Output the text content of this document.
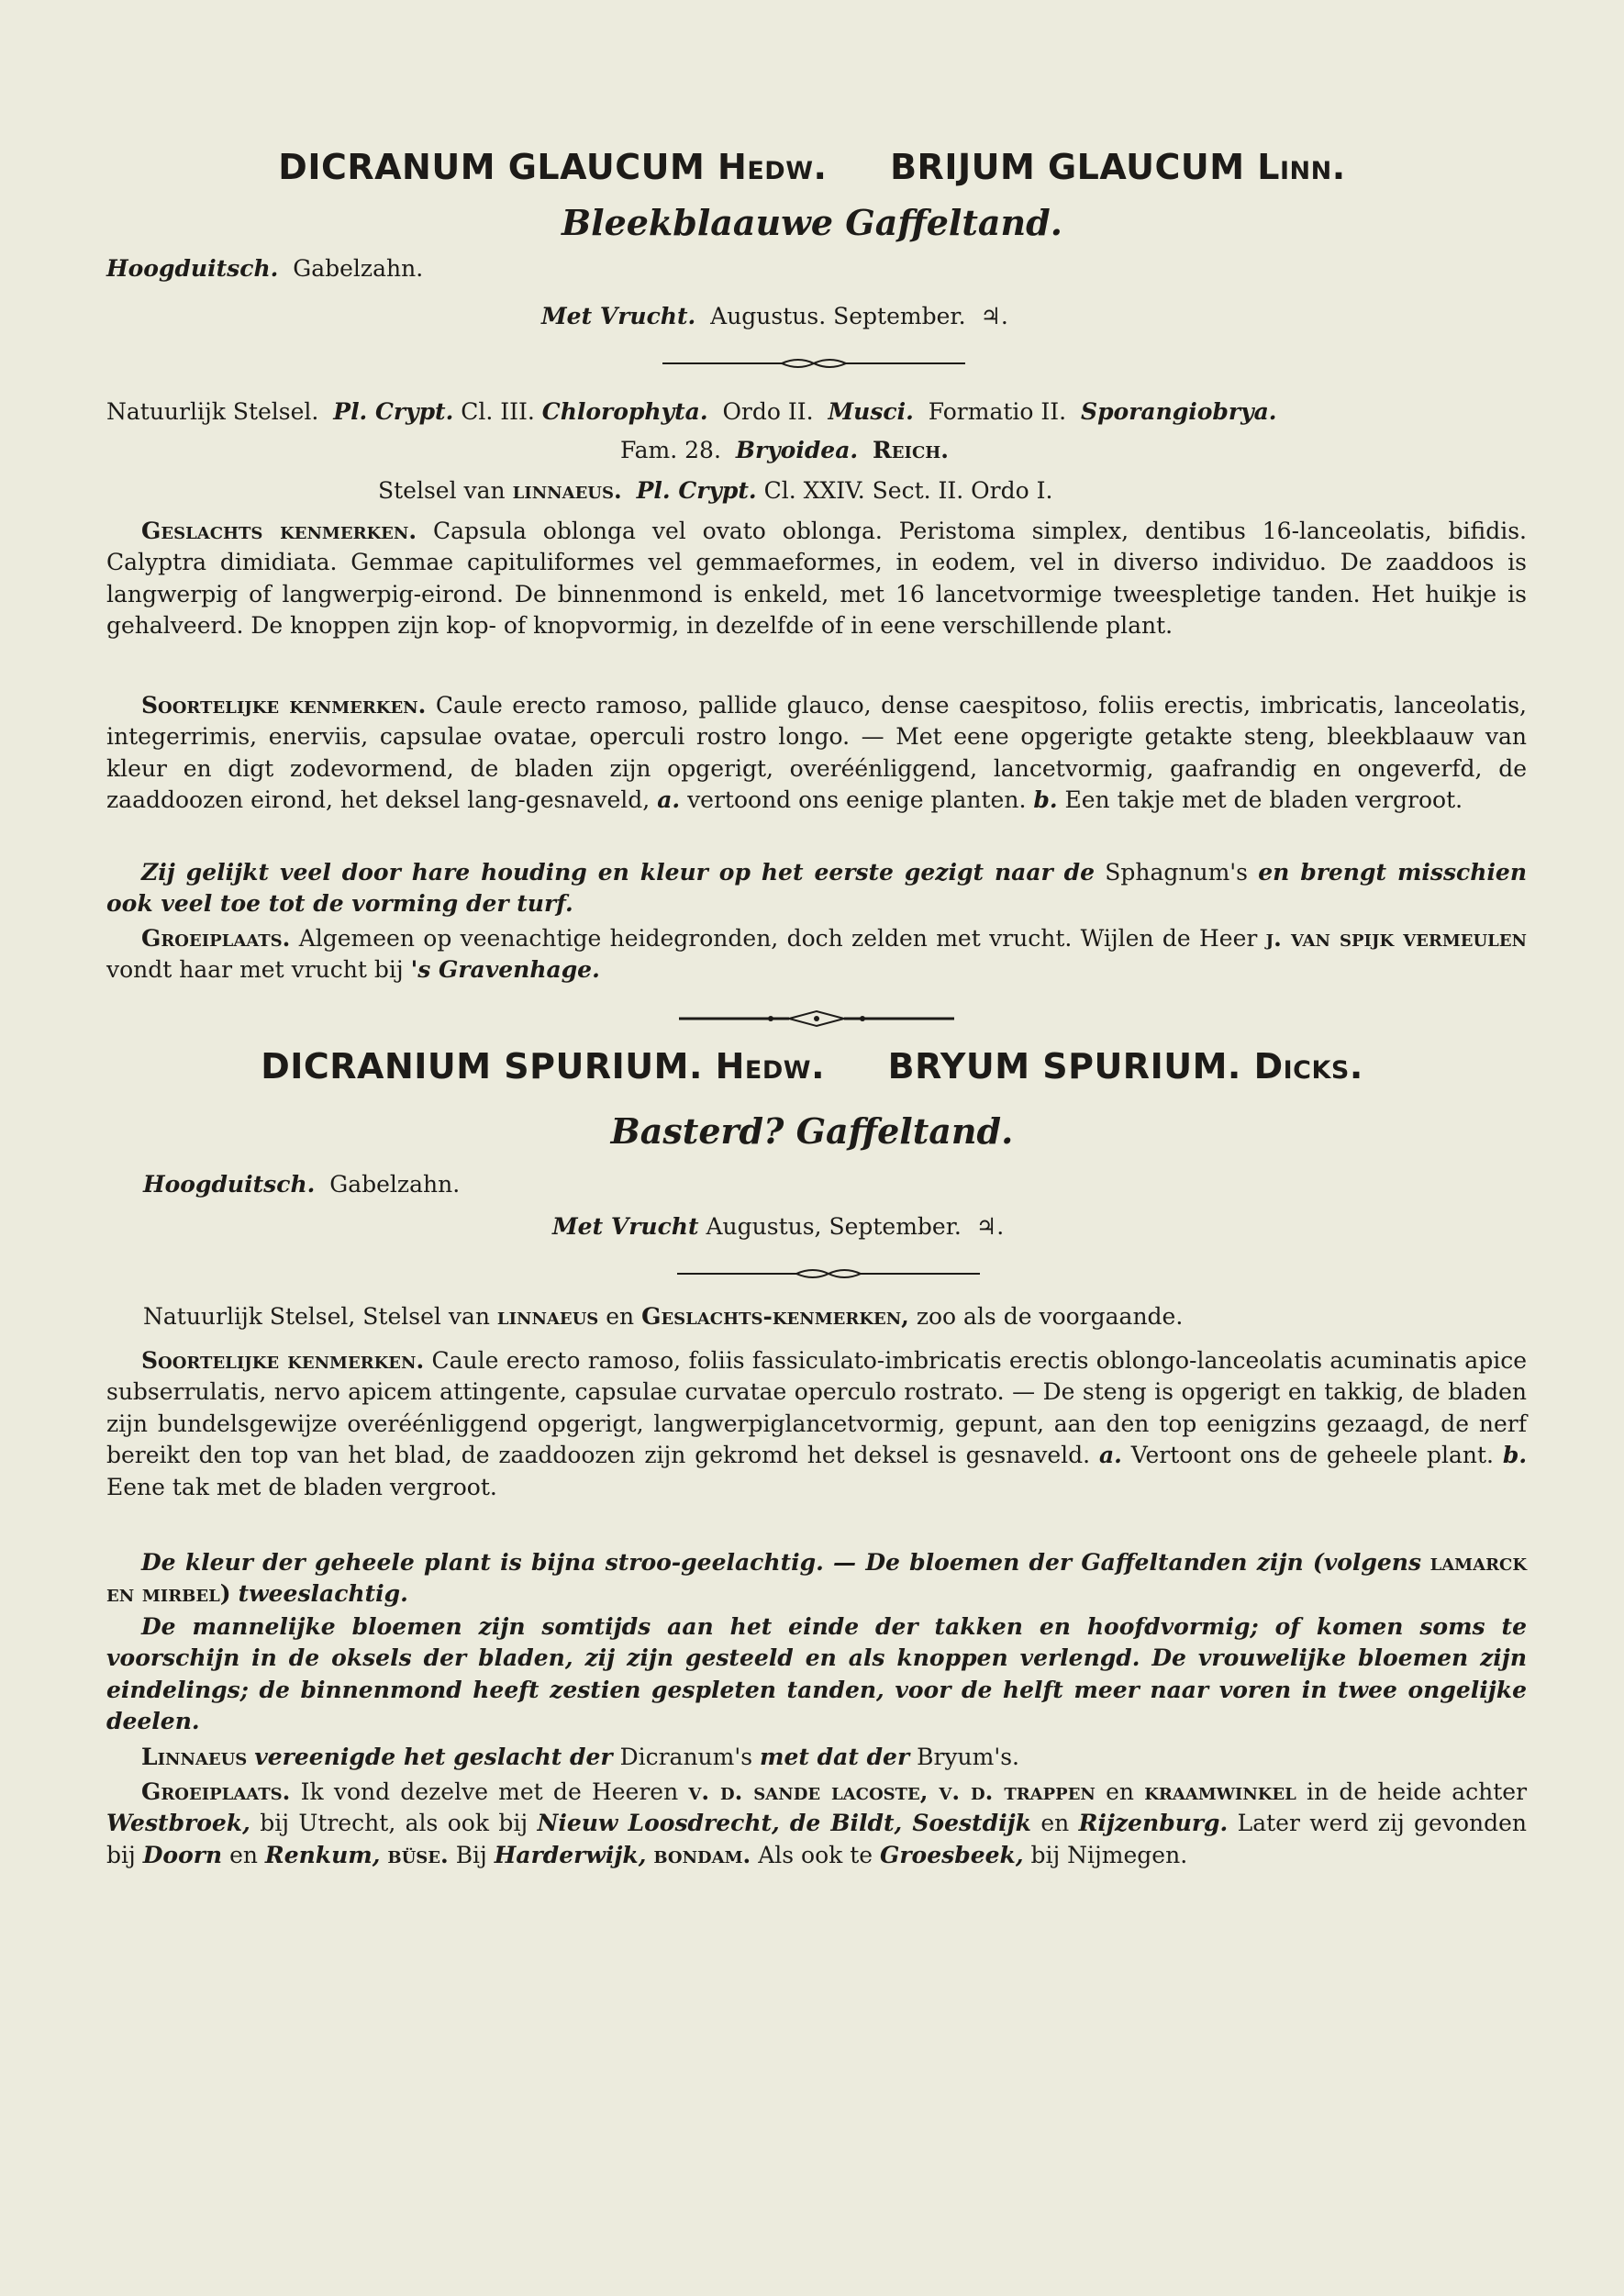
DICRANUM GLAUCUM Hedw. BRIJUM GLAUCUM Linn.
Bleekblaauwe Gaffeltand.
Hoogduitsch. Gabelzahn.
Met Vrucht. Augustus. September. ♃.
Natuurlijk Stelsel. Pl. Crypt. Cl. III. Chlorophyta. Ordo II. Musci. Formatio II. Sporangiobrya.
Fam. 28. Bryoidea. Reich.
Stelsel van linnaeus. Pl. Crypt. Cl. XXIV. Sect. II. Ordo I.
Geslachts kenmerken. Capsula oblonga vel ovato oblonga. Peristoma simplex, dentibus 16-lanceolatis, bifidis. Calyptra dimidiata. Gemmae capituliformes vel gemmaeformes, in eodem, vel in diverso individuo. De zaaddoos is langwerpig of langwerpig-eirond. De binnenmond is enkeld, met 16 lancetvormige tweespletige tanden. Het huikje is gehalveerd. De knoppen zijn kop- of knopvormig, in dezelfde of in eene verschillende plant.
Soortelijke kenmerken. Caule erecto ramoso, pallide glauco, dense caespitoso, foliis erectis, imbricatis, lanceolatis, integerrimis, enerviis, capsulae ovatae, operculi rostro longo. — Met eene opgerigte getakte steng, bleekblaauw van kleur en digt zodevormend, de bladen zijn opgerigt, overéénliggend, lancetvormig, gaafrandig en ongeverfd, de zaaddoozen eirond, het deksel lang-gesnaveld, a. vertoond ons eenige planten. b. Een takje met de bladen vergroot.
Zij gelijkt veel door hare houding en kleur op het eerste gezigt naar de Sphagnum's en brengt misschien ook veel toe tot de vorming der turf.
Groeiplaats. Algemeen op veenachtige heidegronden, doch zelden met vrucht. Wijlen de Heer j. van spijk vermeulen vondt haar met vrucht bij 's Gravenhage.
DICRANIUM SPURIUM. Hedw. BRYUM SPURIUM. Dicks.
Basterd? Gaffeltand.
Hoogduitsch. Gabelzahn.
Met Vrucht Augustus, September. ♃.
Natuurlijk Stelsel, Stelsel van linnaeus en Geslachts-kenmerken, zoo als de voorgaande.
Soortelijke kenmerken. Caule erecto ramoso, foliis fassiculato-imbricatis erectis oblongo-lanceolatis acuminatis apice subserrulatis, nervo apicem attingente, capsulae curvatae operculo rostrato. — De steng is opgerigt en takkig, de bladen zijn bundelsgewijze overéénliggend opgerigt, langwerpiglancetvormig, gepunt, aan den top eenigzins gezaagd, de nerf bereikt den top van het blad, de zaaddoozen zijn gekromd het deksel is gesnaveld. a. Vertoont ons de geheele plant. b. Eene tak met de bladen vergroot.
De kleur der geheele plant is bijna stroo-geelachtig. — De bloemen der Gaffeltanden zijn (volgens lamarck en mirbel) tweeslachtig.
De mannelijke bloemen zijn somtijds aan het einde der takken en hoofdvormig; of komen soms te voorschijn in de oksels der bladen, zij zijn gesteeld en als knoppen verlengd. De vrouwelijke bloemen zijn eindelings; de binnenmond heeft zestien gespleten tanden, voor de helft meer naar voren in twee ongelijke deelen.
Linnaeus vereenigde het geslacht der Dicranum's met dat der Bryum's.
Groeiplaats. Ik vond dezelve met de Heeren v. d. sande lacoste, v. d. trappen en kraamwinkel in de heide achter Westbroek, bij Utrecht, als ook bij Nieuw Loosdrecht, de Bildt, Soestdijk en Rijzenburg. Later werd zij gevonden bij Doorn en Renkum, büse. Bij Harderwijk, bondam. Als ook te Groesbeek, bij Nijmegen.
